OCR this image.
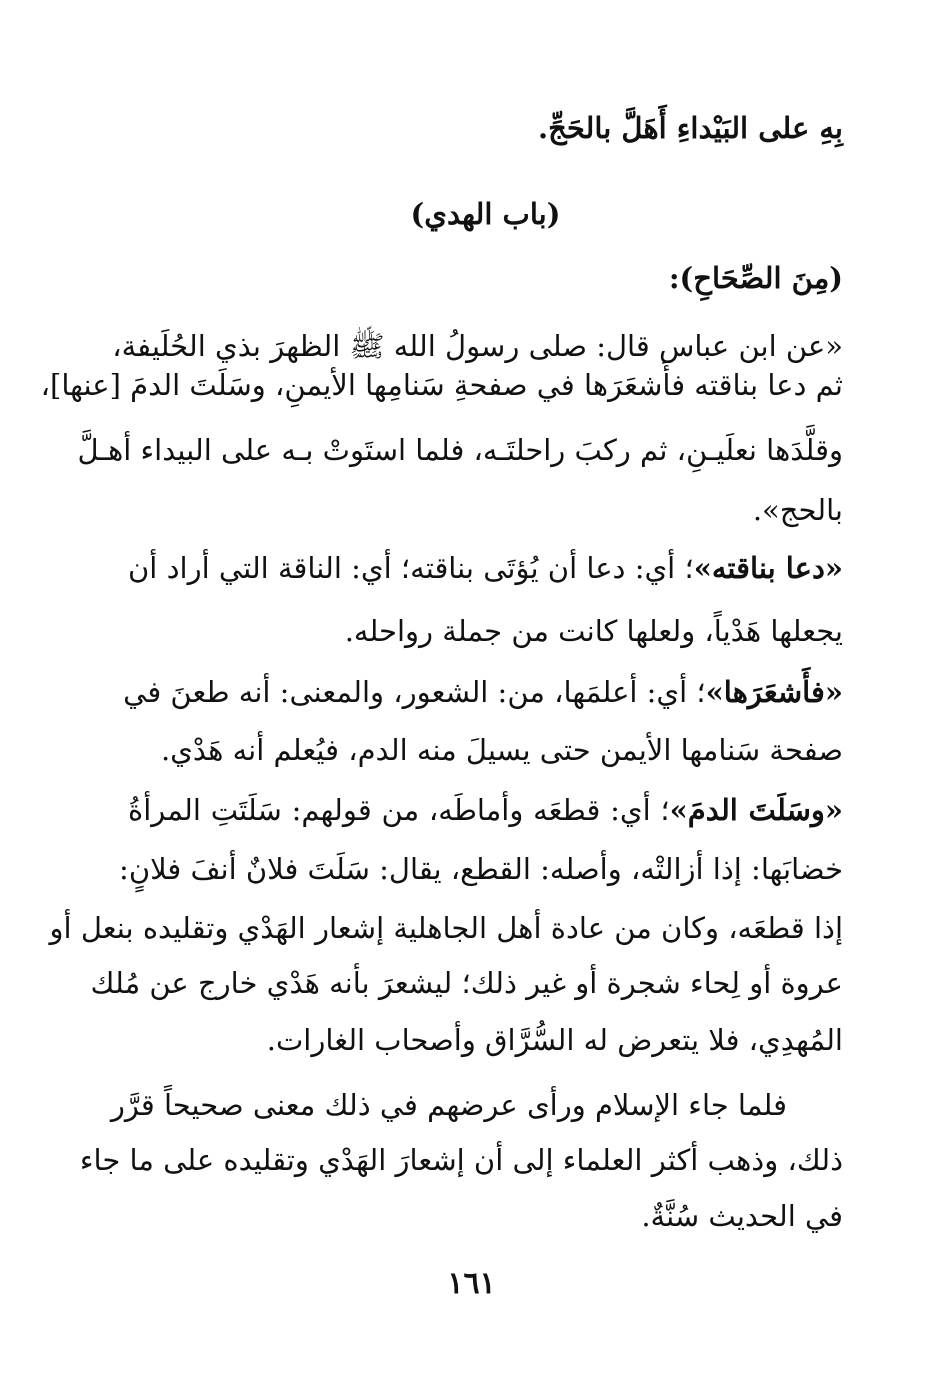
بِهِ على البَيْداءِ أَهَلَّ بالحَجِّ.
(باب الهدي)
(مِنَ الصِّحَاحِ):
«عن ابن عباس قال: صلى رسولُ الله ﷺ الظهرَ بذي الحُلَيفة،
ثم دعا بناقته فأَشعَرَها في صفحةِ سَنامِها الأيمنِ، وسَلَتَ الدمَ [عنها]،
وقلَّدَها نعلَيـنِ، ثم ركبَ راحلتَـه، فلما استَوتْ بـه على البيداء أهـلَّ
بالحج».
«دعا بناقته»؛ أي: دعا أن يُؤتَى بناقته؛ أي: الناقة التي أراد أن
يجعلها هَدْياً، ولعلها كانت من جملة رواحله.
«فأَشعَرَها»؛ أي: أعلمَها، من: الشعور، والمعنى: أنه طعنَ في
صفحة سَنامها الأيمن حتى يسيلَ منه الدم، فيُعلم أنه هَدْي.
«وسَلَتَ الدمَ»؛ أي: قطعَه وأماطَه، من قولهم: سَلَتَتِ المرأةُ
خضابَها: إذا أزالتْه، وأصله: القطع، يقال: سَلَتَ فلانٌ أنفَ فلانٍ:
إذا قطعَه، وكان من عادة أهل الجاهلية إشعار الهَدْي وتقليده بنعل أو
عروة أو لِحاء شجرة أو غير ذلك؛ ليشعرَ بأنه هَدْي خارج عن مُلك
المُهدِي، فلا يتعرض له السُّرَّاق وأصحاب الغارات.
فلما جاء الإسلام ورأى عرضهم في ذلك معنى صحيحاً قرَّر
ذلك، وذهب أكثر العلماء إلى أن إشعارَ الهَدْي وتقليده على ما جاء
في الحديث سُنَّةٌ.
١٦١
